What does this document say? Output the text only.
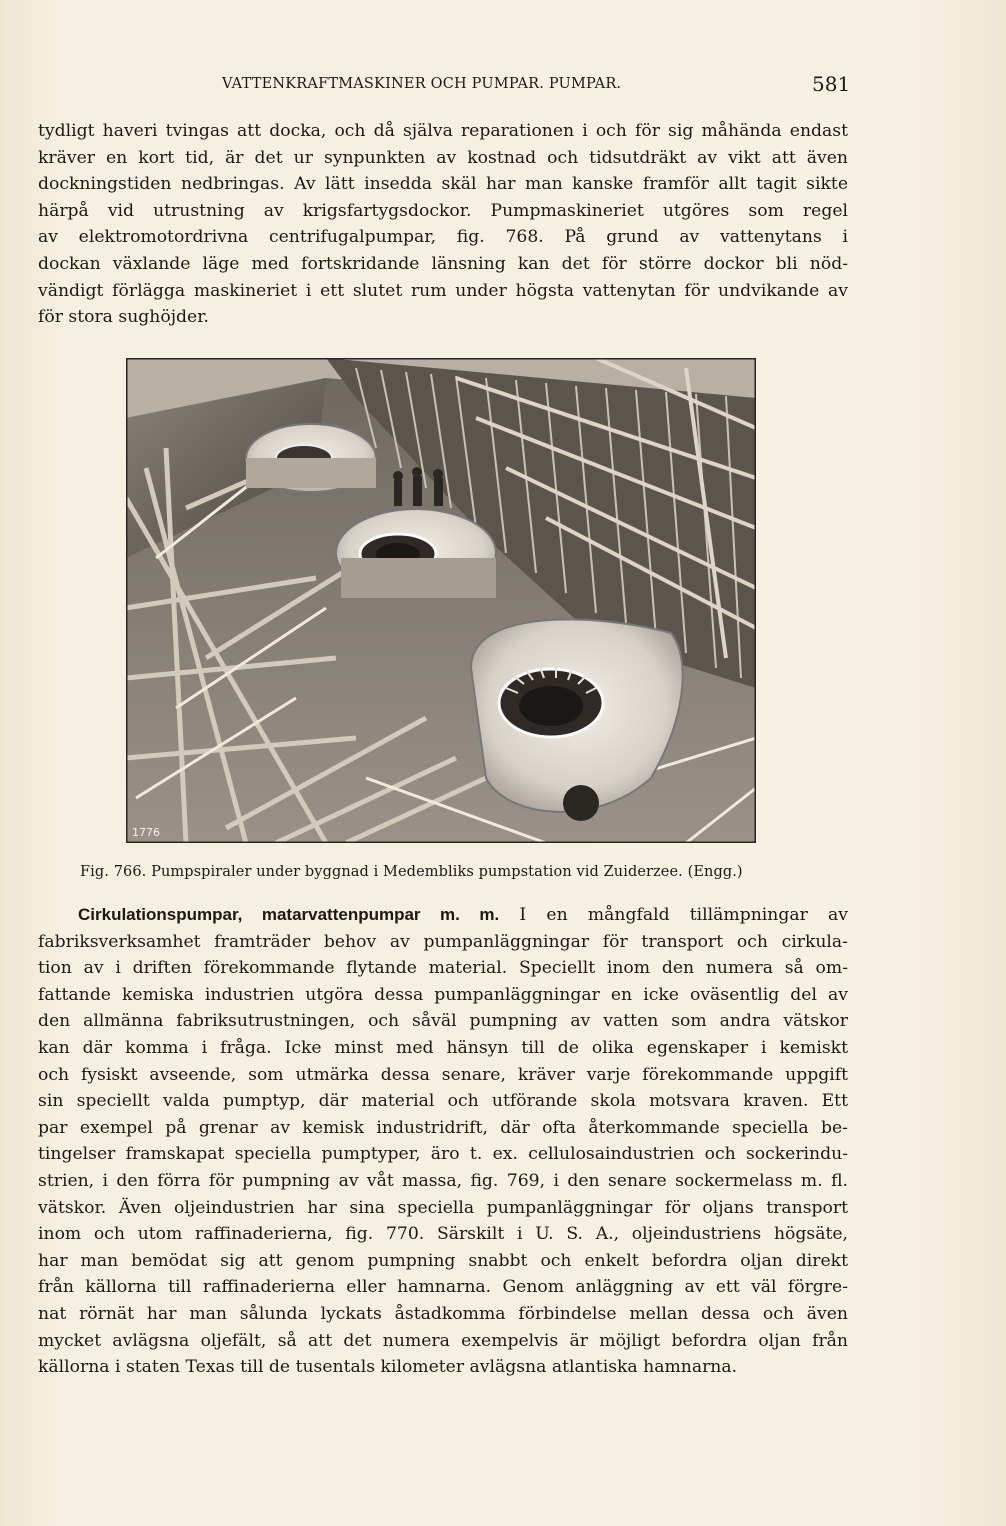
VATTENKRAFTMASKINER OCH PUMPAR. PUMPAR.	581
tydligt haveri tvingas att docka, och då själva reparationen i och för sig måhända endast
kräver en kort tid, är det ur synpunkten av kostnad och tidsutdräkt av vikt att även
dockningstiden nedbringas. Av lätt insedda skäl har man kanske framför allt tagit sikte
härpå vid utrustning av krigsfartygsdockor. Pumpmaskineriet utgöres som regel
av elektromotordrivna centrifugalpumpar, fig. 768. På grund av vattenytans i
dockan växlande läge med fortskridande länsning kan det för större dockor bli nöd-
vändigt förlägga maskineriet i ett slutet rum under högsta vattenytan för undvikande av
för stora sughöjder.
1776
Fig. 766. Pumpspiraler under byggnad i Medembliks pumpstation vid Zuiderzee. (Engg.)
Cirkulationspumpar, matarvattenpumpar m. m. I en mångfald tillämpningar av
fabriksverksamhet framträder behov av pumpanläggningar för transport och cirkula-
tion av i driften förekommande flytande material. Speciellt inom den numera så om-
fattande kemiska industrien utgöra dessa pumpanläggningar en icke oväsentlig del av
den allmänna fabriksutrustningen, och såväl pumpning av vatten som andra vätskor
kan där komma i fråga. Icke minst med hänsyn till de olika egenskaper i kemiskt
och fysiskt avseende, som utmärka dessa senare, kräver varje förekommande uppgift
sin speciellt valda pumptyp, där material och utförande skola motsvara kraven. Ett
par exempel på grenar av kemisk industridrift, där ofta återkommande speciella be-
tingelser framskapat speciella pumptyper, äro t. ex. cellulosaindustrien och sockerindu-
strien, i den förra för pumpning av våt massa, fig. 769, i den senare sockermelass m. fl.
vätskor. Även oljeindustrien har sina speciella pumpanläggningar för oljans transport
inom och utom raffinaderierna, fig. 770. Särskilt i U. S. A., oljeindustriens högsäte,
har man bemödat sig att genom pumpning snabbt och enkelt befordra oljan direkt
från källorna till raffinaderierna eller hamnarna. Genom anläggning av ett väl förgre-
nat rörnät har man sålunda lyckats åstadkomma förbindelse mellan dessa och även
mycket avlägsna oljefält, så att det numera exempelvis är möjligt befordra oljan från
källorna i staten Texas till de tusentals kilometer avlägsna atlantiska hamnarna.
